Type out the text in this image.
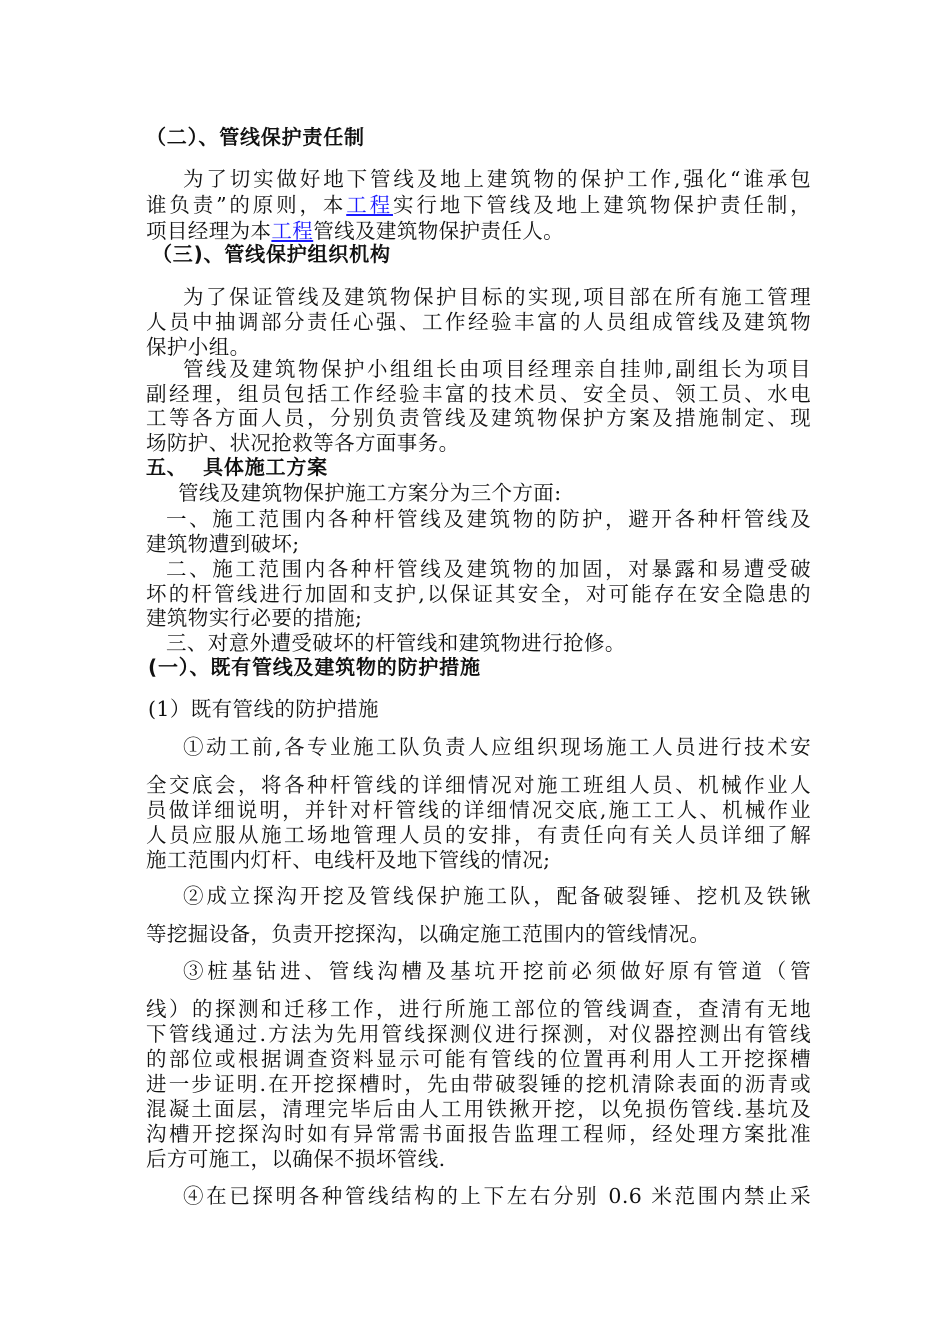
（二）、管线保护责任制
为了切实做好地下管线及地上建筑物的保护工作,强化“谁承包
谁负责”的原则，本工程实行地下管线及地上建筑物保护责任制，
项目经理为本工程管线及建筑物保护责任人。
（三)、管线保护组织机构
为了保证管线及建筑物保护目标的实现,项目部在所有施工管理
人员中抽调部分责任心强、工作经验丰富的人员组成管线及建筑物
保护小组。
管线及建筑物保护小组组长由项目经理亲自挂帅,副组长为项目
副经理，组员包括工作经验丰富的技术员、安全员、领工员、水电
工等各方面人员，分别负责管线及建筑物保护方案及措施制定、现
场防护、状况抢救等各方面事务。
五、  具体施工方案
管线及建筑物保护施工方案分为三个方面:
一、施工范围内各种杆管线及建筑物的防护，避开各种杆管线及
建筑物遭到破坏;
二、施工范围内各种杆管线及建筑物的加固，对暴露和易遭受破
坏的杆管线进行加固和支护,以保证其安全，对可能存在安全隐患的
建筑物实行必要的措施;
三、对意外遭受破坏的杆管线和建筑物进行抢修。
(一）、既有管线及建筑物的防护措施
(1）既有管线的防护措施
①动工前,各专业施工队负责人应组织现场施工人员进行技术安
全交底会，将各种杆管线的详细情况对施工班组人员、机械作业人
员做详细说明，并针对杆管线的详细情况交底,施工工人、机械作业
人员应服从施工场地管理人员的安排，有责任向有关人员详细了解
施工范围内灯杆、电线杆及地下管线的情况;
②成立探沟开挖及管线保护施工队，配备破裂锤、挖机及铁锹
等挖掘设备，负责开挖探沟，以确定施工范围内的管线情况。
③桩基钻进、管线沟槽及基坑开挖前必须做好原有管道（管
线）的探测和迁移工作，进行所施工部位的管线调查，查清有无地
下管线通过.方法为先用管线探测仪进行探测，对仪器控测出有管线
的部位或根据调查资料显示可能有管线的位置再利用人工开挖探槽
进一步证明.在开挖探槽时，先由带破裂锤的挖机清除表面的沥青或
混凝土面层，清理完毕后由人工用铁揪开挖，以免损伤管线.基坑及
沟槽开挖探沟时如有异常需书面报告监理工程师，经处理方案批准
后方可施工，以确保不损坏管线.
④在已探明各种管线结构的上下左右分别 0.6 米范围内禁止采
